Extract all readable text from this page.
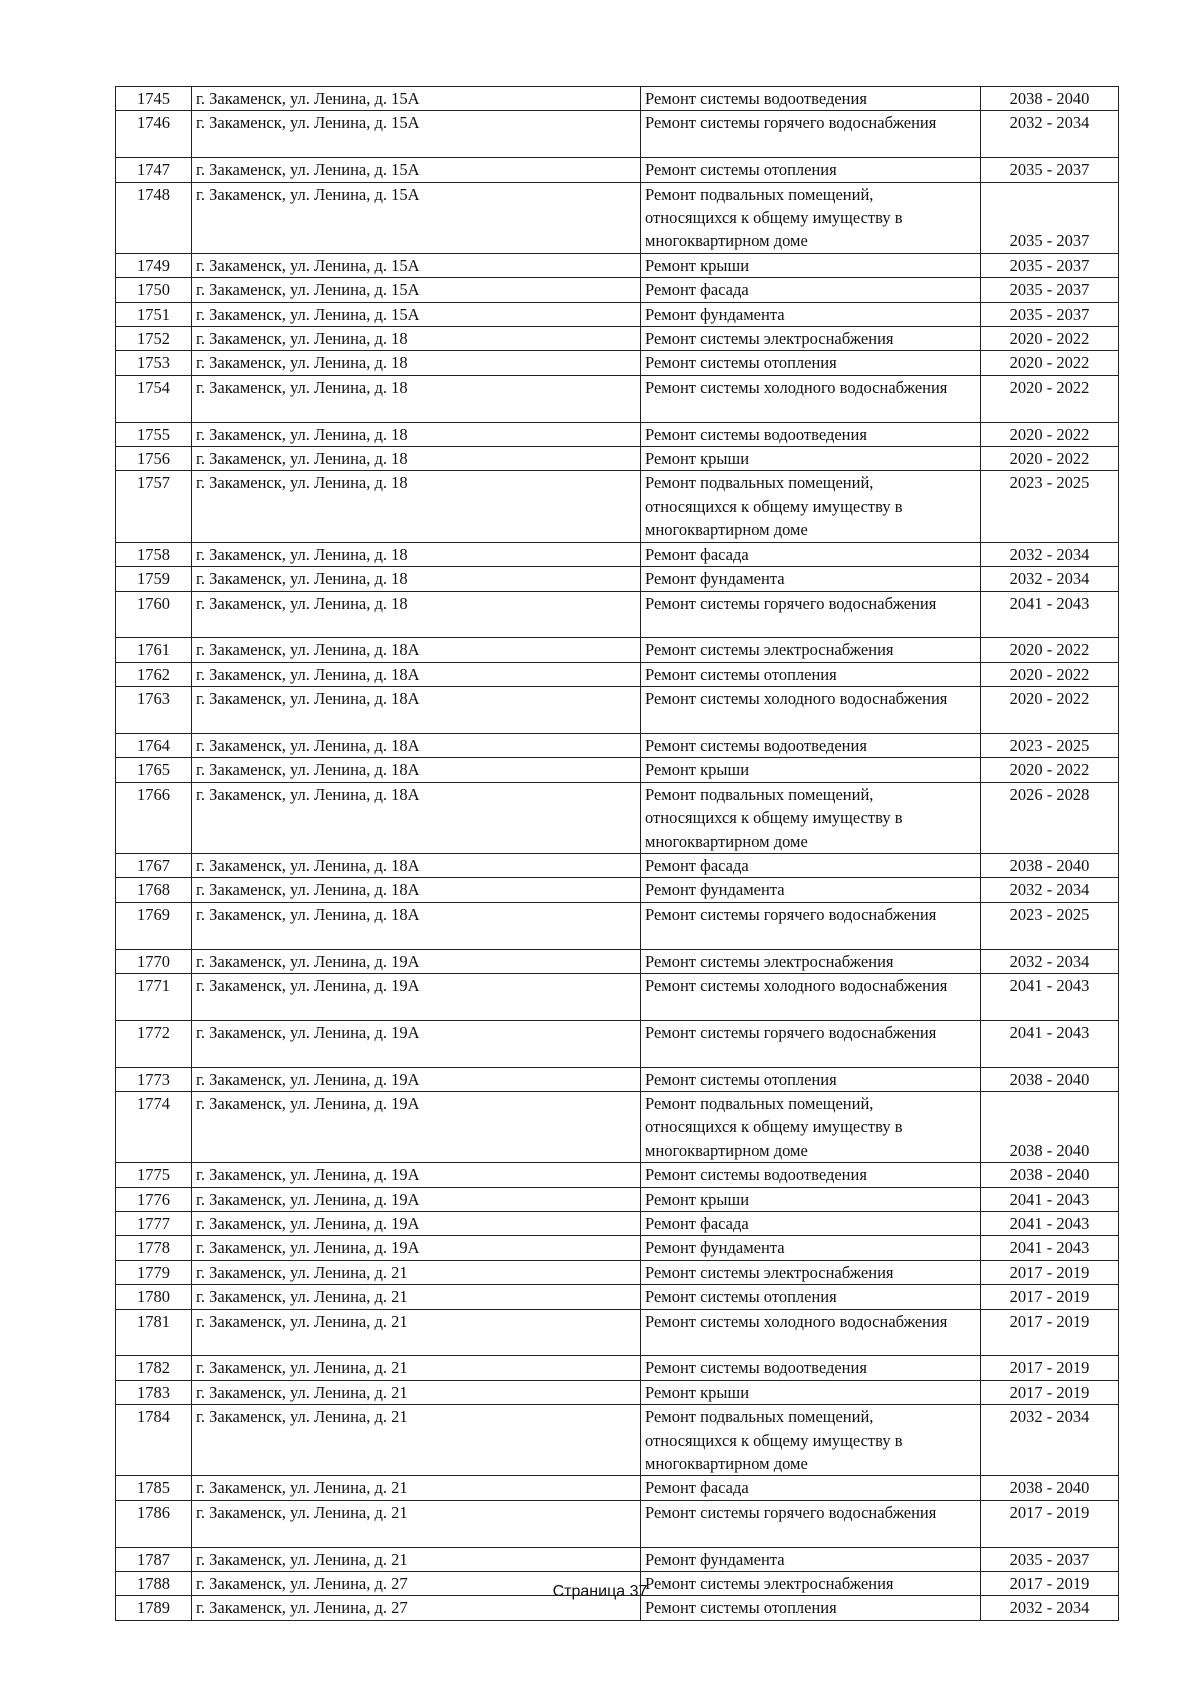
1745	г. Закаменск, ул. Ленина, д. 15А	Ремонт системы водоотведения	2038 - 2040
1746	г. Закаменск, ул. Ленина, д. 15А	Ремонт системы горячего водоснабжения	2032 - 2034
1747	г. Закаменск, ул. Ленина, д. 15А	Ремонт системы отопления	2035 - 2037
1748	г. Закаменск, ул. Ленина, д. 15А	Ремонт подвальных помещений,
относящихся к общему имуществу в
многоквартирном доме	2035 - 2037
1749	г. Закаменск, ул. Ленина, д. 15А	Ремонт крыши	2035 - 2037
1750	г. Закаменск, ул. Ленина, д. 15А	Ремонт фасада	2035 - 2037
1751	г. Закаменск, ул. Ленина, д. 15А	Ремонт фундамента	2035 - 2037
1752	г. Закаменск, ул. Ленина, д. 18	Ремонт системы электроснабжения	2020 - 2022
1753	г. Закаменск, ул. Ленина, д. 18	Ремонт системы отопления	2020 - 2022
1754	г. Закаменск, ул. Ленина, д. 18	Ремонт системы холодного водоснабжения	2020 - 2022
1755	г. Закаменск, ул. Ленина, д. 18	Ремонт системы водоотведения	2020 - 2022
1756	г. Закаменск, ул. Ленина, д. 18	Ремонт крыши	2020 - 2022
1757	г. Закаменск, ул. Ленина, д. 18	Ремонт подвальных помещений,
относящихся к общему имуществу в
многоквартирном доме	2023 - 2025
1758	г. Закаменск, ул. Ленина, д. 18	Ремонт фасада	2032 - 2034
1759	г. Закаменск, ул. Ленина, д. 18	Ремонт фундамента	2032 - 2034
1760	г. Закаменск, ул. Ленина, д. 18	Ремонт системы горячего водоснабжения	2041 - 2043
1761	г. Закаменск, ул. Ленина, д. 18А	Ремонт системы электроснабжения	2020 - 2022
1762	г. Закаменск, ул. Ленина, д. 18А	Ремонт системы отопления	2020 - 2022
1763	г. Закаменск, ул. Ленина, д. 18А	Ремонт системы холодного водоснабжения	2020 - 2022
1764	г. Закаменск, ул. Ленина, д. 18А	Ремонт системы водоотведения	2023 - 2025
1765	г. Закаменск, ул. Ленина, д. 18А	Ремонт крыши	2020 - 2022
1766	г. Закаменск, ул. Ленина, д. 18А	Ремонт подвальных помещений,
относящихся к общему имуществу в
многоквартирном доме	2026 - 2028
1767	г. Закаменск, ул. Ленина, д. 18А	Ремонт фасада	2038 - 2040
1768	г. Закаменск, ул. Ленина, д. 18А	Ремонт фундамента	2032 - 2034
1769	г. Закаменск, ул. Ленина, д. 18А	Ремонт системы горячего водоснабжения	2023 - 2025
1770	г. Закаменск, ул. Ленина, д. 19А	Ремонт системы электроснабжения	2032 - 2034
1771	г. Закаменск, ул. Ленина, д. 19А	Ремонт системы холодного водоснабжения	2041 - 2043
1772	г. Закаменск, ул. Ленина, д. 19А	Ремонт системы горячего водоснабжения	2041 - 2043
1773	г. Закаменск, ул. Ленина, д. 19А	Ремонт системы отопления	2038 - 2040
1774	г. Закаменск, ул. Ленина, д. 19А	Ремонт подвальных помещений,
относящихся к общему имуществу в
многоквартирном доме	2038 - 2040
1775	г. Закаменск, ул. Ленина, д. 19А	Ремонт системы водоотведения	2038 - 2040
1776	г. Закаменск, ул. Ленина, д. 19А	Ремонт крыши	2041 - 2043
1777	г. Закаменск, ул. Ленина, д. 19А	Ремонт фасада	2041 - 2043
1778	г. Закаменск, ул. Ленина, д. 19А	Ремонт фундамента	2041 - 2043
1779	г. Закаменск, ул. Ленина, д. 21	Ремонт системы электроснабжения	2017 - 2019
1780	г. Закаменск, ул. Ленина, д. 21	Ремонт системы отопления	2017 - 2019
1781	г. Закаменск, ул. Ленина, д. 21	Ремонт системы холодного водоснабжения	2017 - 2019
1782	г. Закаменск, ул. Ленина, д. 21	Ремонт системы водоотведения	2017 - 2019
1783	г. Закаменск, ул. Ленина, д. 21	Ремонт крыши	2017 - 2019
1784	г. Закаменск, ул. Ленина, д. 21	Ремонт подвальных помещений,
относящихся к общему имуществу в
многоквартирном доме	2032 - 2034
1785	г. Закаменск, ул. Ленина, д. 21	Ремонт фасада	2038 - 2040
1786	г. Закаменск, ул. Ленина, д. 21	Ремонт системы горячего водоснабжения	2017 - 2019
1787	г. Закаменск, ул. Ленина, д. 21	Ремонт фундамента	2035 - 2037
1788	г. Закаменск, ул. Ленина, д. 27	Ремонт системы электроснабжения	2017 - 2019
1789	г. Закаменск, ул. Ленина, д. 27	Ремонт системы отопления	2032 - 2034
Страница 37
